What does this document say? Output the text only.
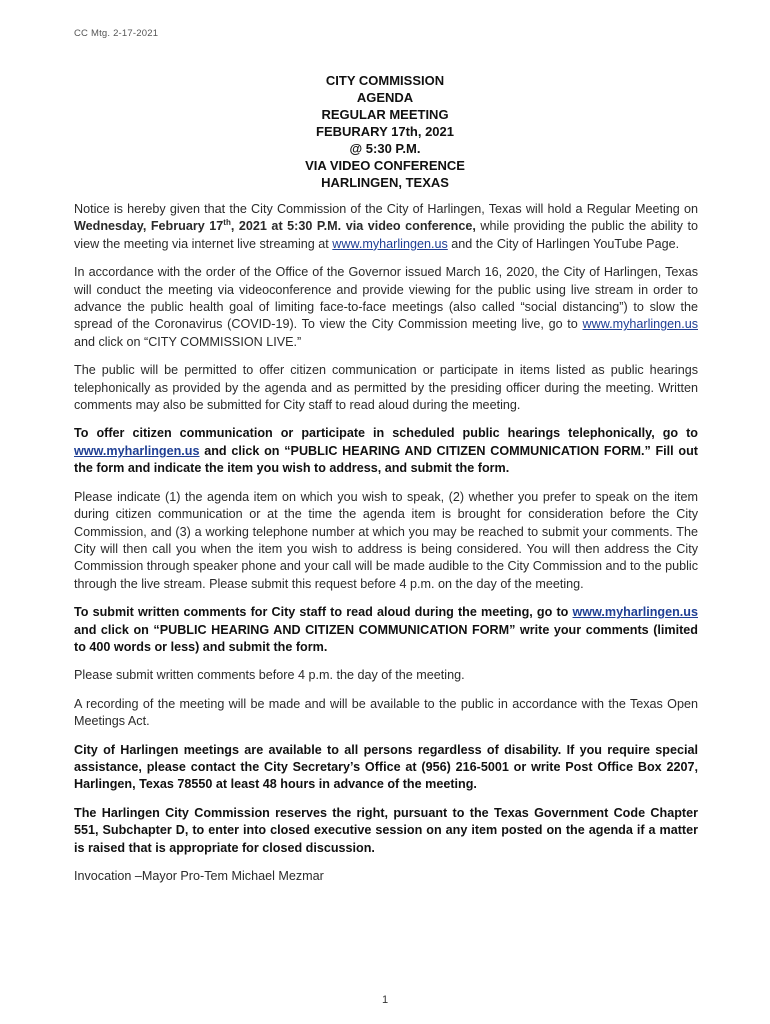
CC Mtg. 2-17-2021
CITY COMMISSION
AGENDA
REGULAR MEETING
FEBURARY 17th, 2021
@ 5:30 P.M.
VIA VIDEO CONFERENCE
HARLINGEN, TEXAS

Notice is hereby given that the City Commission of the City of Harlingen, Texas will hold a Regular Meeting on Wednesday, February 17th, 2021 at 5:30 P.M. via video conference, while providing the public the ability to view the meeting via internet live streaming at www.myharlingen.us and the City of Harlingen YouTube Page.

In accordance with the order of the Office of the Governor issued March 16, 2020, the City of Harlingen, Texas will conduct the meeting via videoconference and provide viewing for the public using live stream in order to advance the public health goal of limiting face-to-face meetings (also called “social distancing”) to slow the spread of the Coronavirus (COVID-19). To view the City Commission meeting live, go to www.myharlingen.us and click on “CITY COMMISSION LIVE.”

The public will be permitted to offer citizen communication or participate in items listed as public hearings telephonically as provided by the agenda and as permitted by the presiding officer during the meeting. Written comments may also be submitted for City staff to read aloud during the meeting.

To offer citizen communication or participate in scheduled public hearings telephonically, go to www.myharlingen.us and click on “PUBLIC HEARING AND CITIZEN COMMUNICATION FORM.” Fill out the form and indicate the item you wish to address, and submit the form.

Please indicate (1) the agenda item on which you wish to speak, (2) whether you prefer to speak on the item during citizen communication or at the time the agenda item is brought for consideration before the City Commission, and (3) a working telephone number at which you may be reached to submit your comments. The City will then call you when the item you wish to address is being considered. You will then address the City Commission through speaker phone and your call will be made audible to the City Commission and to the public through the live stream. Please submit this request before 4 p.m. on the day of the meeting.

To submit written comments for City staff to read aloud during the meeting, go to www.myharlingen.us and click on “PUBLIC HEARING AND CITIZEN COMMUNICATION FORM” write your comments (limited to 400 words or less) and submit the form.

Please submit written comments before 4 p.m. the day of the meeting.

A recording of the meeting will be made and will be available to the public in accordance with the Texas Open Meetings Act.

City of Harlingen meetings are available to all persons regardless of disability. If you require special assistance, please contact the City Secretary’s Office at (956) 216-5001 or write Post Office Box 2207, Harlingen, Texas 78550 at least 48 hours in advance of the meeting.

The Harlingen City Commission reserves the right, pursuant to the Texas Government Code Chapter 551, Subchapter D, to enter into closed executive session on any item posted on the agenda if a matter is raised that is appropriate for closed discussion.

Invocation –Mayor Pro-Tem Michael Mezmar

1
